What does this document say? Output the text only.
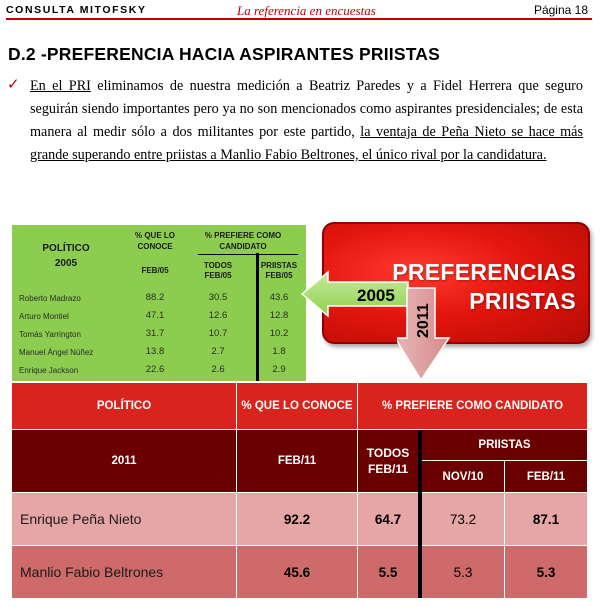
CONSULTA MITOFSKY	La referencia en encuestas	Página 18
D.2 -PREFERENCIA HACIA ASPIRANTES PRIISTAS
✓ En el PRI eliminamos de nuestra medición a Beatriz Paredes y a Fidel Herrera que seguro seguirán siendo importantes pero ya no son mencionados como aspirantes presidenciales; de esta manera al medir sólo a dos militantes por este partido, la ventaja de Peña Nieto se hace más grande superando entre priistas a Manlio Fabio Beltrones, el único rival por la candidatura.
POLÍTICO
2005
% QUE LO CONOCE
% PREFIERE COMO CANDIDATO
FEB/05
TODOS FEB/05
PRIISTAS FEB/05
Roberto Madrazo	88.2	30.5	43.6
Arturo Montiel	47.1	12.6	12.8
Tomás Yarrington	31.7	10.7	10.2
Manuel Ángel Núñez	13.8	2.7	1.8
Enrique Jackson	22.6	2.6	2.9
PREFERENCIAS
PRIISTAS
2005
2011
POLÍTICO	% QUE LO CONOCE	% PREFIERE COMO CANDIDATO
2011	FEB/11
TODOS FEB/11
PRIISTAS
NOV/10	FEB/11
Enrique Peña Nieto	92.2	64.7	73.2	87.1
Manlio Fabio Beltrones	45.6	5.5	5.3	5.3
